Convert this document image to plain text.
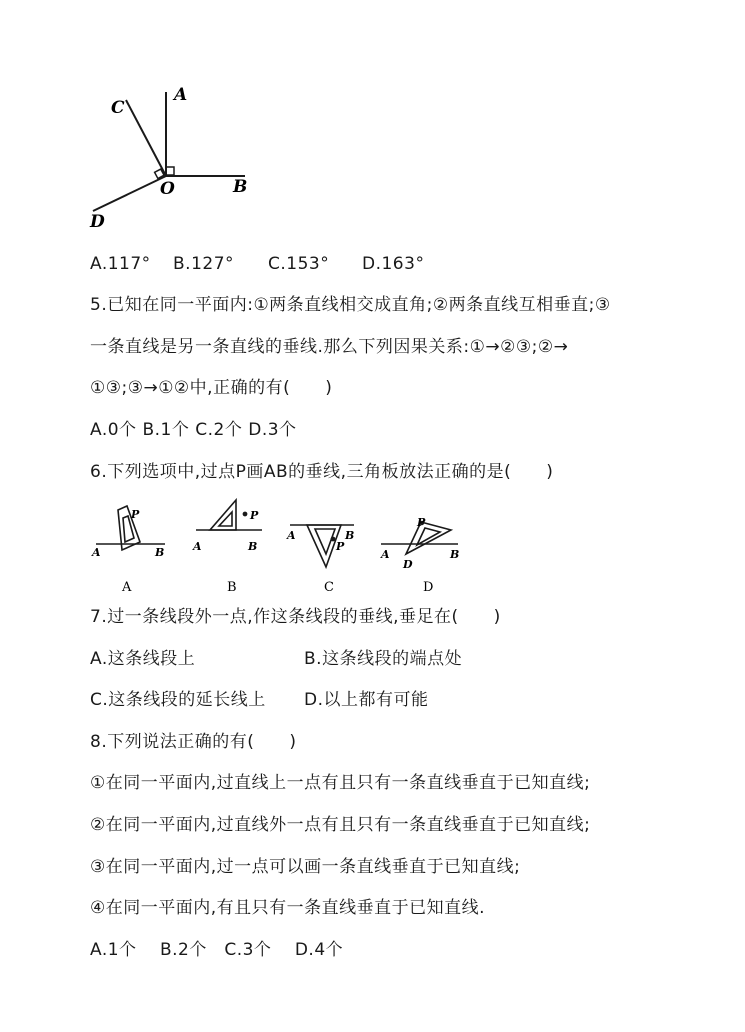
A
B
C
D
O
A.117° B.127° C.153° D.163°
5.已知在同一平面内:①两条直线相交成直角;②两条直线互相垂直;③
一条直线是另一条直线的垂线.那么下列因果关系:①→②③;②→
①③;③→①②中,正确的有(　　)
A.0个 B.1个 C.2个 D.3个
6.下列选项中,过点P画AB的垂线,三角板放法正确的是(　　)
P
A	B
A
P
A	B
B
P
A	B
C
P
A	B
D
D
7.过一条线段外一点,作这条线段的垂线,垂足在(　　)
A.这条线段上	B.这条线段的端点处
C.这条线段的延长线上 D.以上都有可能
8.下列说法正确的有(　　)
①在同一平面内,过直线上一点有且只有一条直线垂直于已知直线;
②在同一平面内,过直线外一点有且只有一条直线垂直于已知直线;
③在同一平面内,过一点可以画一条直线垂直于已知直线;
④在同一平面内,有且只有一条直线垂直于已知直线.
A.1个　 B.2个　C.3个　 D.4个
